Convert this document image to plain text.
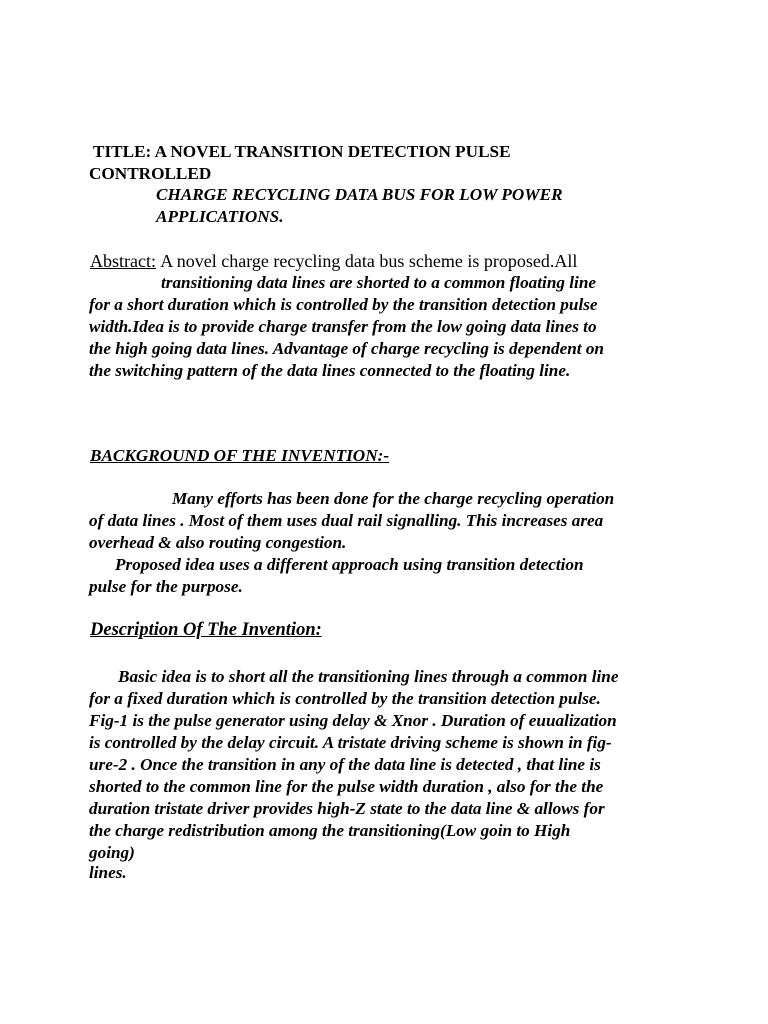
TITLE: A NOVEL TRANSITION DETECTION PULSE
CONTROLLED
CHARGE RECYCLING DATA BUS FOR LOW POWER
APPLICATIONS.
Abstract: A novel charge recycling data bus scheme is proposed.All
transitioning data lines are shorted to a common floating line
for a short duration which is controlled by the transition detection pulse
width.Idea is to provide charge transfer from the low going data lines to
the high going data lines. Advantage of charge recycling is dependent on
the switching pattern of the data lines connected to the floating line.
BACKGROUND OF THE INVENTION:-
Many efforts has been done for the charge recycling operation
of data lines . Most of them uses dual rail signalling. This increases area
overhead & also routing congestion.
Proposed idea uses a different approach using transition detection
pulse for the purpose.
Description Of The Invention:
Basic idea is to short all the transitioning lines through a common line
for a fixed duration which is controlled by the transition detection pulse.
Fig-1 is the pulse generator using delay & Xnor . Duration of euualization
is controlled by the delay circuit. A tristate driving scheme is shown in fig-
ure-2 . Once the transition in any of the data line is detected , that line is
shorted to the common line for the pulse width duration , also for the the
duration tristate driver provides high-Z state to the data line & allows for
the charge redistribution among the transitioning(Low goin to High
going)
lines.
